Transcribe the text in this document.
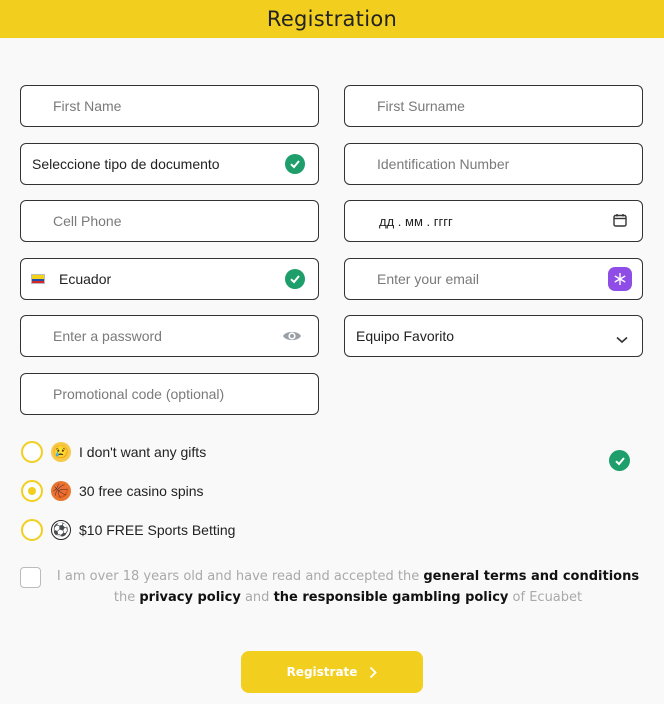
Registration
First Name	First Surname
Seleccione tipo de documento	Identification Number
Cell Phone	дд . мм . гггг
Ecuador	Enter your email
Enter a password	Equipo Favorito
Promotional code (optional)
😢 I don't want any gifts
🏀 30 free casino spins
⚽ $10 FREE Sports Betting
I am over 18 years old and have read and accepted the general terms and conditions the privacy policy and the responsible gambling policy of Ecuabet
Registrate
